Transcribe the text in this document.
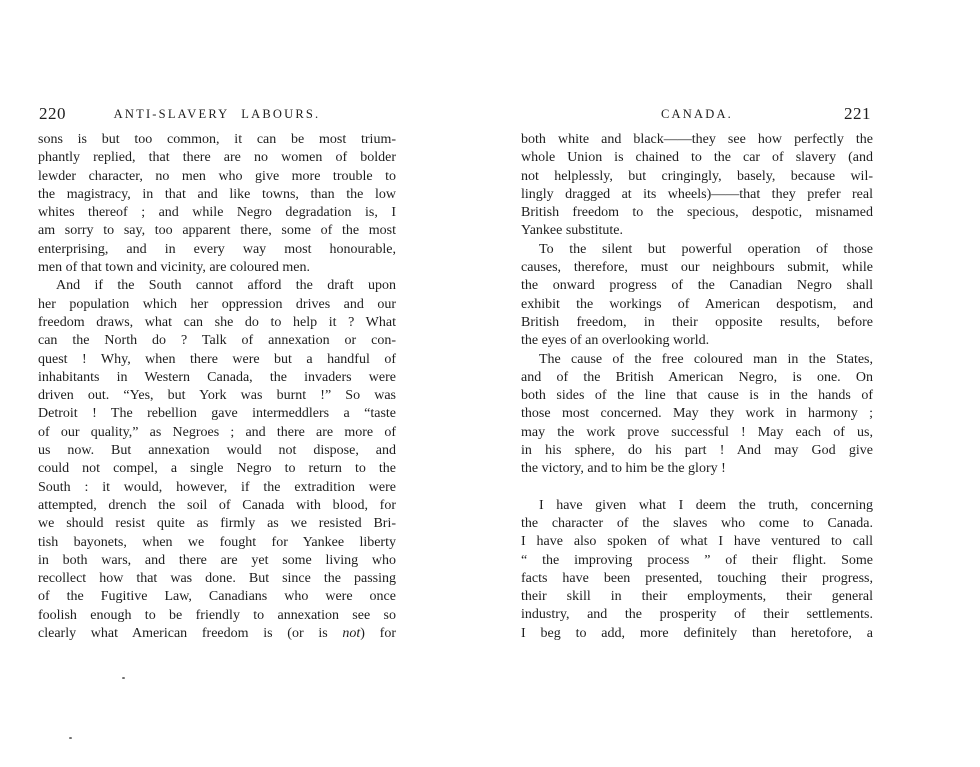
220	ANTI-SLAVERY LABOURS.
sons is but too common, it can be most trium-
phantly replied, that there are no women of bolder
lewder character, no men who give more trouble to
the magistracy, in that and like towns, than the low
whites thereof ; and while Negro degradation is, I
am sorry to say, too apparent there, some of the most
enterprising, and in every way most honourable,
men of that town and vicinity, are coloured men.
And if the South cannot afford the draft upon
her population which her oppression drives and our
freedom draws, what can she do to help it ? What
can the North do ? Talk of annexation or con-
quest ! Why, when there were but a handful of
inhabitants in Western Canada, the invaders were
driven out. “Yes, but York was burnt !” So was
Detroit ! The rebellion gave intermeddlers a “taste
of our quality,” as Negroes ; and there are more of
us now. But annexation would not dispose, and
could not compel, a single Negro to return to the
South : it would, however, if the extradition were
attempted, drench the soil of Canada with blood, for
we should resist quite as firmly as we resisted Bri-
tish bayonets, when we fought for Yankee liberty
in both wars, and there are yet some living who
recollect how that was done. But since the passing
of the Fugitive Law, Canadians who were once
foolish enough to be friendly to annexation see so
clearly what American freedom is (or is not) for
CANADA.	221
both white and black——they see how perfectly the
whole Union is chained to the car of slavery (and
not helplessly, but cringingly, basely, because wil-
lingly dragged at its wheels)——that they prefer real
British freedom to the specious, despotic, misnamed
Yankee substitute.
To the silent but powerful operation of those
causes, therefore, must our neighbours submit, while
the onward progress of the Canadian Negro shall
exhibit the workings of American despotism, and
British freedom, in their opposite results, before
the eyes of an overlooking world.
The cause of the free coloured man in the States,
and of the British American Negro, is one. On
both sides of the line that cause is in the hands of
those most concerned. May they work in harmony ;
may the work prove successful ! May each of us,
in his sphere, do his part ! And may God give
the victory, and to him be the glory !
I have given what I deem the truth, concerning
the character of the slaves who come to Canada.
I have also spoken of what I have ventured to call
“ the improving process ” of their flight. Some
facts have been presented, touching their progress,
their skill in their employments, their general
industry, and the prosperity of their settlements.
I beg to add, more definitely than heretofore, a
